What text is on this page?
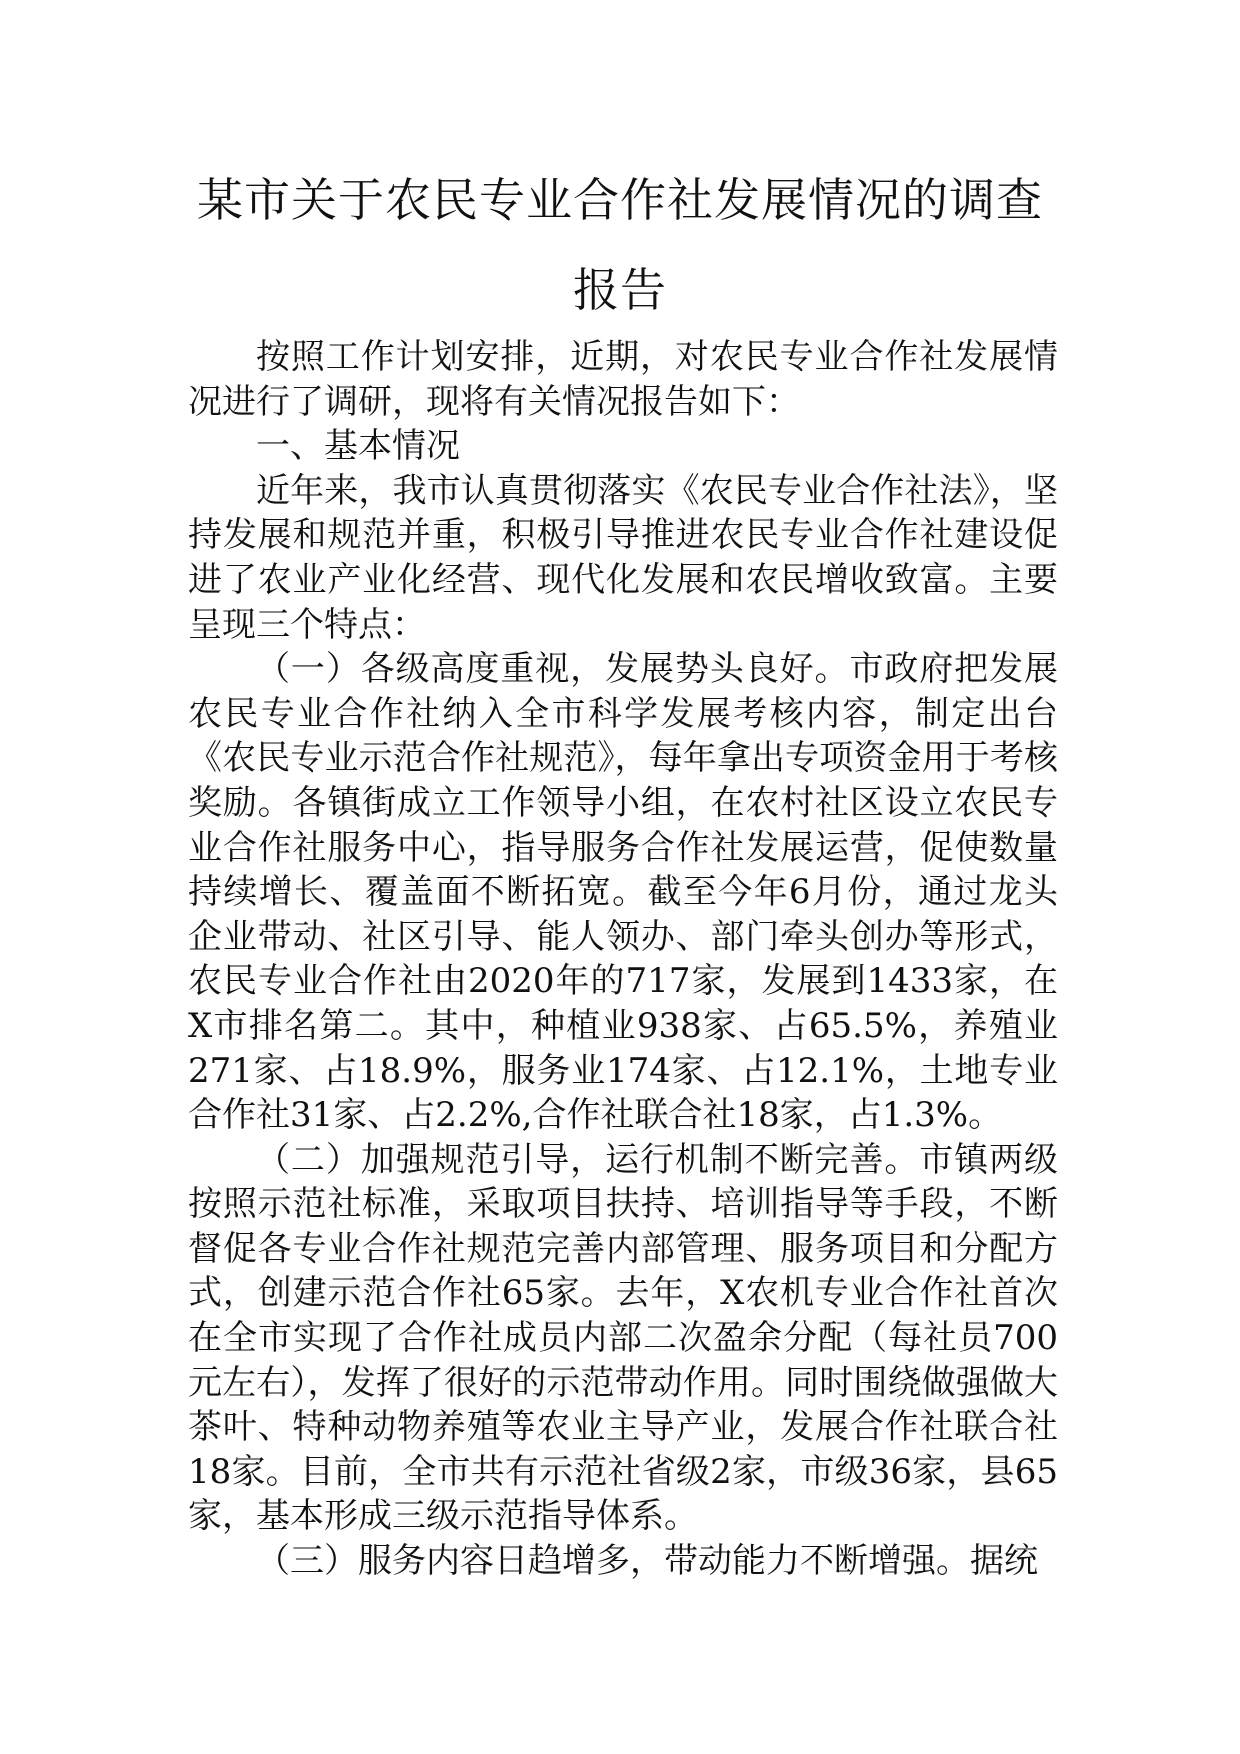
某市关于农民专业合作社发展情况的调查
报告

按照工作计划安排，近期，对农民专业合作社发展情况进行了调研，现将有关情况报告如下：

一、基本情况

近年来，我市认真贯彻落实《农民专业合作社法》，坚持发展和规范并重，积极引导推进农民专业合作社建设促进了农业产业化经营、现代化发展和农民增收致富。主要呈现三个特点：

（一）各级高度重视，发展势头良好。市政府把发展农民专业合作社纳入全市科学发展考核内容，制定出台《农民专业示范合作社规范》，每年拿出专项资金用于考核奖励。各镇街成立工作领导小组，在农村社区设立农民专业合作社服务中心，指导服务合作社发展运营，促使数量持续增长、覆盖面不断拓宽。截至今年6月份，通过龙头企业带动、社区引导、能人领办、部门牵头创办等形式，农民专业合作社由2020年的717家，发展到1433家，在X市排名第二。其中，种植业938家、占65.5%，养殖业271家、占18.9%，服务业174家、占12.1%，土地专业合作社31家、占2.2%,合作社联合社18家，占1.3%。

（二）加强规范引导，运行机制不断完善。市镇两级按照示范社标准，采取项目扶持、培训指导等手段，不断督促各专业合作社规范完善内部管理、服务项目和分配方式，创建示范合作社65家。去年，X农机专业合作社首次在全市实现了合作社成员内部二次盈余分配（每社员700元左右），发挥了很好的示范带动作用。同时围绕做强做大茶叶、特种动物养殖等农业主导产业，发展合作社联合社18家。目前，全市共有示范社省级2家，市级36家，县65家，基本形成三级示范指导体系。

（三）服务内容日趋增多，带动能力不断增强。据统
